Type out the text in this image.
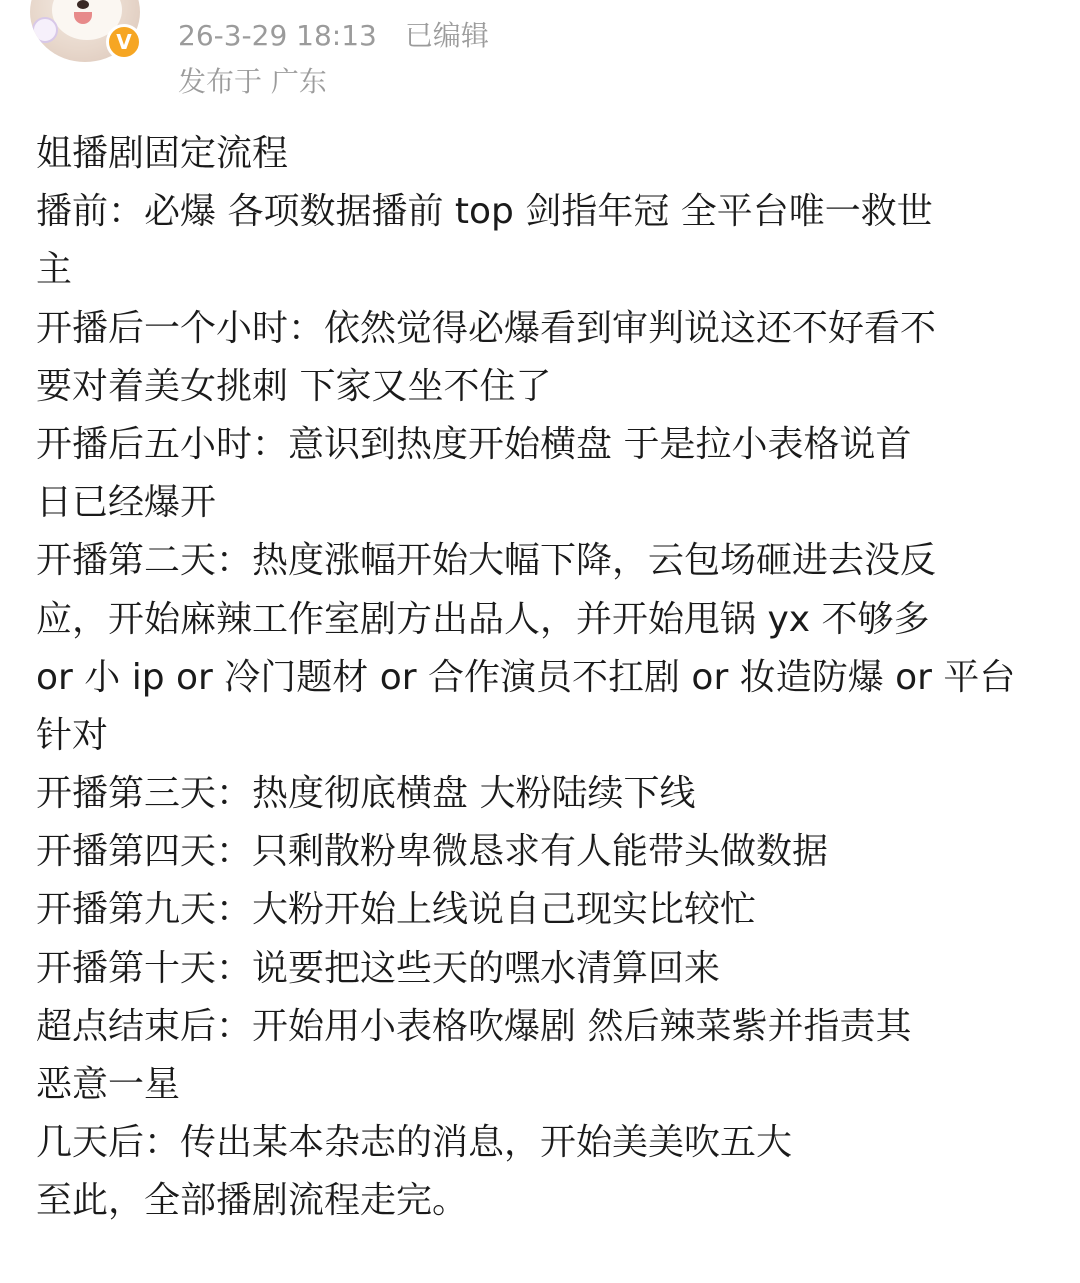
V	26-3-29 18:13 已编辑
发布于 广东
姐播剧固定流程
播前：必爆 各项数据播前 top 剑指年冠 全平台唯一救世
主
开播后一个小时：依然觉得必爆看到审判说这还不好看不
要对着美女挑刺 下家又坐不住了
开播后五小时：意识到热度开始横盘 于是拉小表格说首
日已经爆开
开播第二天：热度涨幅开始大幅下降，云包场砸进去没反
应，开始麻辣工作室剧方出品人，并开始甩锅 yx 不够多
or 小 ip or 冷门题材 or 合作演员不扛剧 or 妆造防爆 or 平台
针对
开播第三天：热度彻底横盘 大粉陆续下线
开播第四天：只剩散粉卑微恳求有人能带头做数据
开播第九天：大粉开始上线说自己现实比较忙
开播第十天：说要把这些天的嘿水清算回来
超点结束后：开始用小表格吹爆剧 然后辣菜紫并指责其
恶意一星
几天后：传出某本杂志的消息，开始美美吹五大
至此，全部播剧流程走完。
